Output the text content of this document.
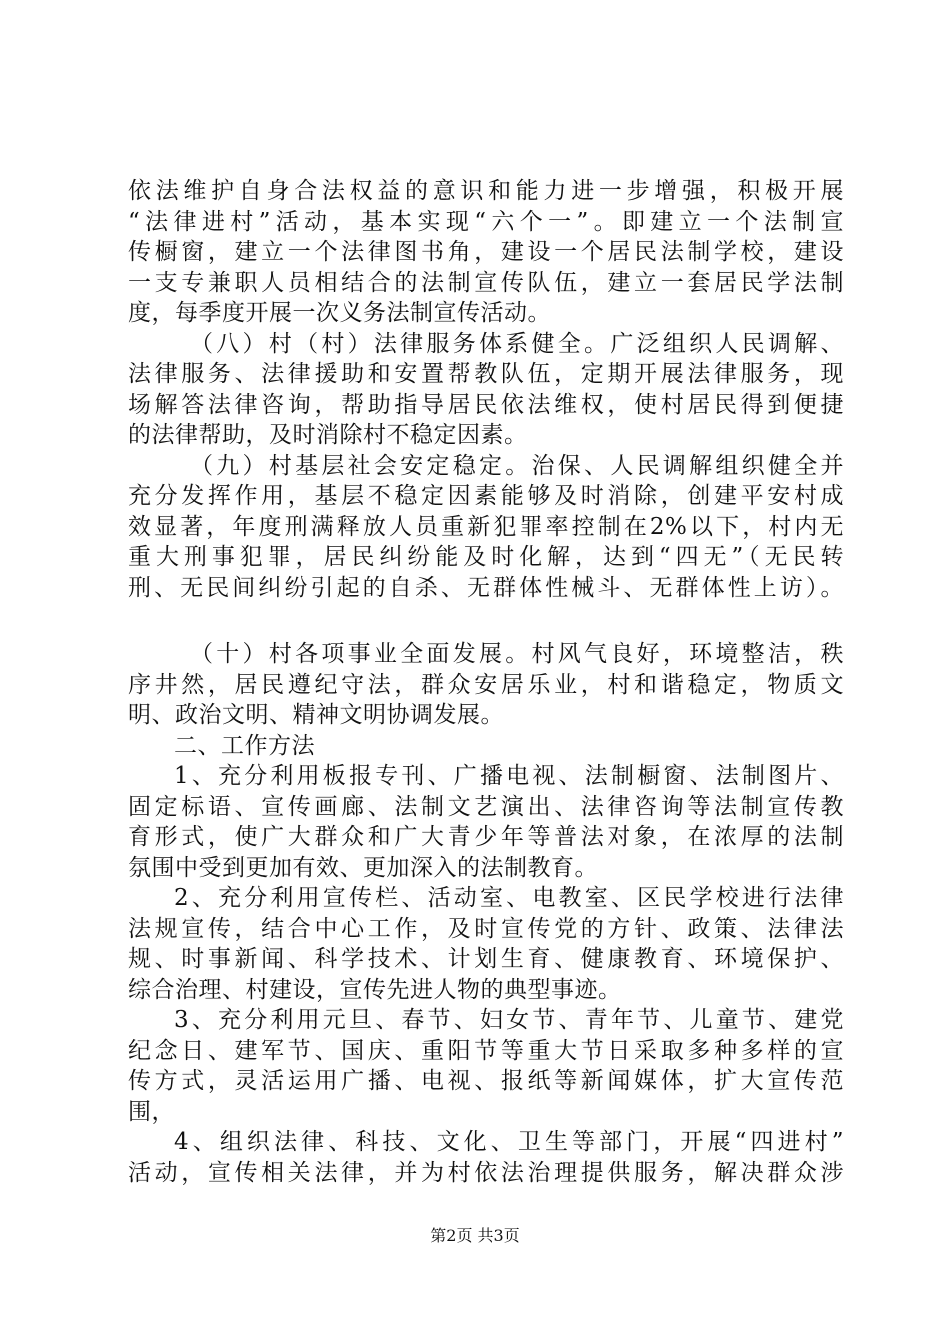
依法维护自身合法权益的意识和能力进一步增强，积极开展
“法律进村”活动，基本实现“六个一”。即建立一个法制宣
传橱窗，建立一个法律图书角，建设一个居民法制学校，建设
一支专兼职人员相结合的法制宣传队伍，建立一套居民学法制
度，每季度开展一次义务法制宣传活动。
（八）村（村）法律服务体系健全。广泛组织人民调解、
法律服务、法律援助和安置帮教队伍，定期开展法律服务，现
场解答法律咨询，帮助指导居民依法维权，使村居民得到便捷
的法律帮助，及时消除村不稳定因素。
（九）村基层社会安定稳定。治保、人民调解组织健全并
充分发挥作用，基层不稳定因素能够及时消除，创建平安村成
效显著，年度刑满释放人员重新犯罪率控制在2%以下，村内无
重大刑事犯罪，居民纠纷能及时化解，达到“四无”（无民转
刑、无民间纠纷引起的自杀、无群体性械斗、无群体性上访）。
（十）村各项事业全面发展。村风气良好，环境整洁，秩
序井然，居民遵纪守法，群众安居乐业，村和谐稳定，物质文
明、政治文明、精神文明协调发展。
二、工作方法
1、充分利用板报专刊、广播电视、法制橱窗、法制图片、
固定标语、宣传画廊、法制文艺演出、法律咨询等法制宣传教
育形式，使广大群众和广大青少年等普法对象，在浓厚的法制
氛围中受到更加有效、更加深入的法制教育。
2、充分利用宣传栏、活动室、电教室、区民学校进行法律
法规宣传，结合中心工作，及时宣传党的方针、政策、法律法
规、时事新闻、科学技术、计划生育、健康教育、环境保护、
综合治理、村建设，宣传先进人物的典型事迹。
3、充分利用元旦、春节、妇女节、青年节、儿童节、建党
纪念日、建军节、国庆、重阳节等重大节日采取多种多样的宣
传方式，灵活运用广播、电视、报纸等新闻媒体，扩大宣传范
围，
4、组织法律、科技、文化、卫生等部门，开展“四进村”
活动，宣传相关法律，并为村依法治理提供服务，解决群众涉
第2页 共3页
